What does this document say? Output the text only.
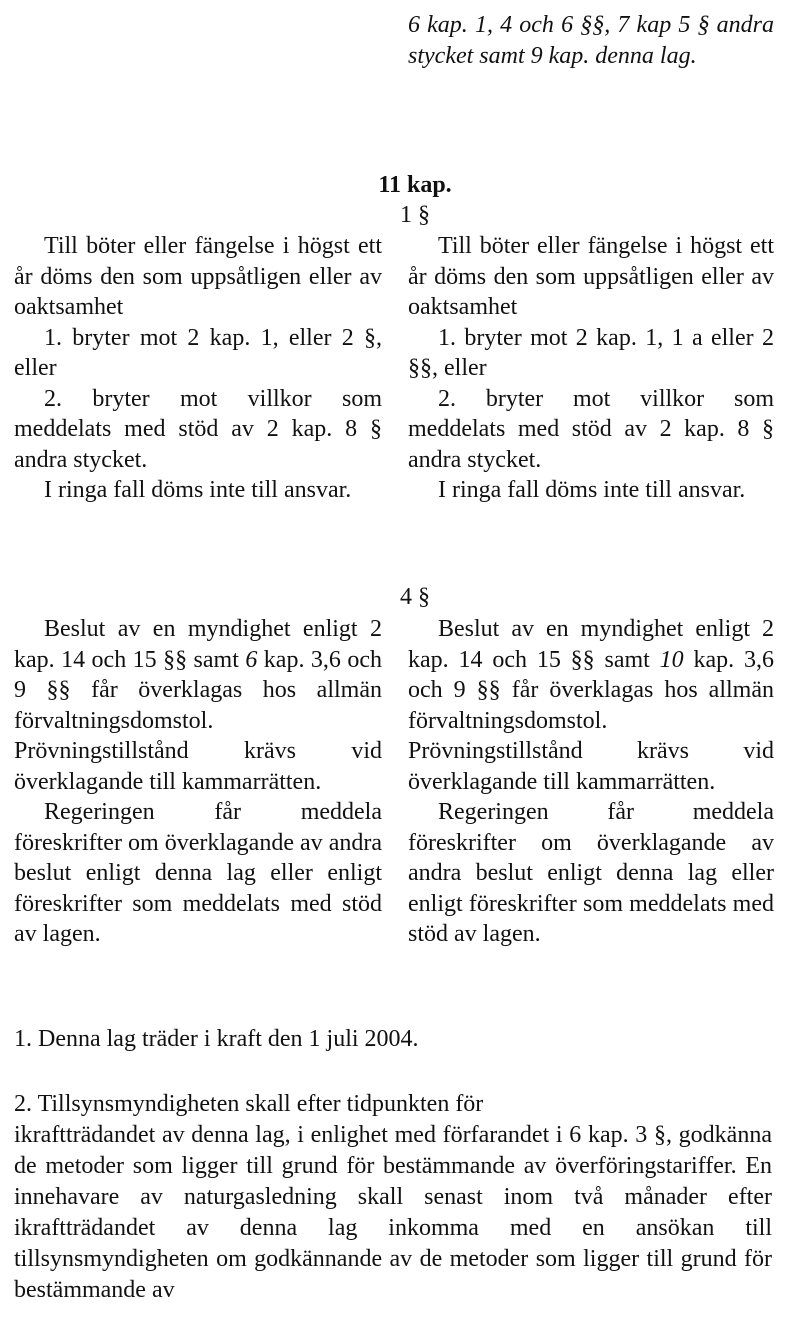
6 kap. 1, 4 och 6 §§, 7 kap 5 § andra stycket samt 9 kap. denna lag.
11 kap.
1 §

Till böter eller fängelse i högst ett år döms den som uppsåtligen eller av oaktsamhet

1. bryter mot 2 kap. 1, eller 2 §, eller

2. bryter mot villkor som meddelats med stöd av 2 kap. 8 § andra stycket.

I ringa fall döms inte till ansvar.

Till böter eller fängelse i högst ett år döms den som uppsåtligen eller av oaktsamhet

1. bryter mot 2 kap. 1, 1 a eller 2 §§, eller

2. bryter mot villkor som meddelats med stöd av 2 kap. 8 § andra stycket.

I ringa fall döms inte till ansvar.

4 §

Beslut av en myndighet enligt 2 kap. 14 och 15 §§ samt 6 kap. 3,6 och 9 §§ får överklagas hos allmän förvaltningsdomstol. Prövningstillstånd krävs vid överklagande till kammarrätten.

Regeringen får meddela föreskrifter om överklagande av andra beslut enligt denna lag eller enligt föreskrifter som meddelats med stöd av lagen.

Beslut av en myndighet enligt 2 kap. 14 och 15 §§ samt 10 kap. 3,6 och 9 §§ får överklagas hos allmän förvaltningsdomstol. Prövningstillstånd krävs vid överklagande till kammarrätten.

Regeringen får meddela föreskrifter om överklagande av andra beslut enligt denna lag eller enligt föreskrifter som meddelats med stöd av lagen.

1. Denna lag träder i kraft den 1 juli 2004.

2. Tillsynsmyndigheten skall efter tidpunkten för

ikraftträdandet av denna lag, i enlighet med förfarandet i 6 kap. 3 §, godkänna de metoder som ligger till grund för bestämmande av överföringstariffer. En innehavare av naturgasledning skall senast inom två månader efter ikraftträdandet av denna lag inkomma med en ansökan till tillsynsmyndigheten om godkännande av de metoder som ligger till grund för bestämmande av
